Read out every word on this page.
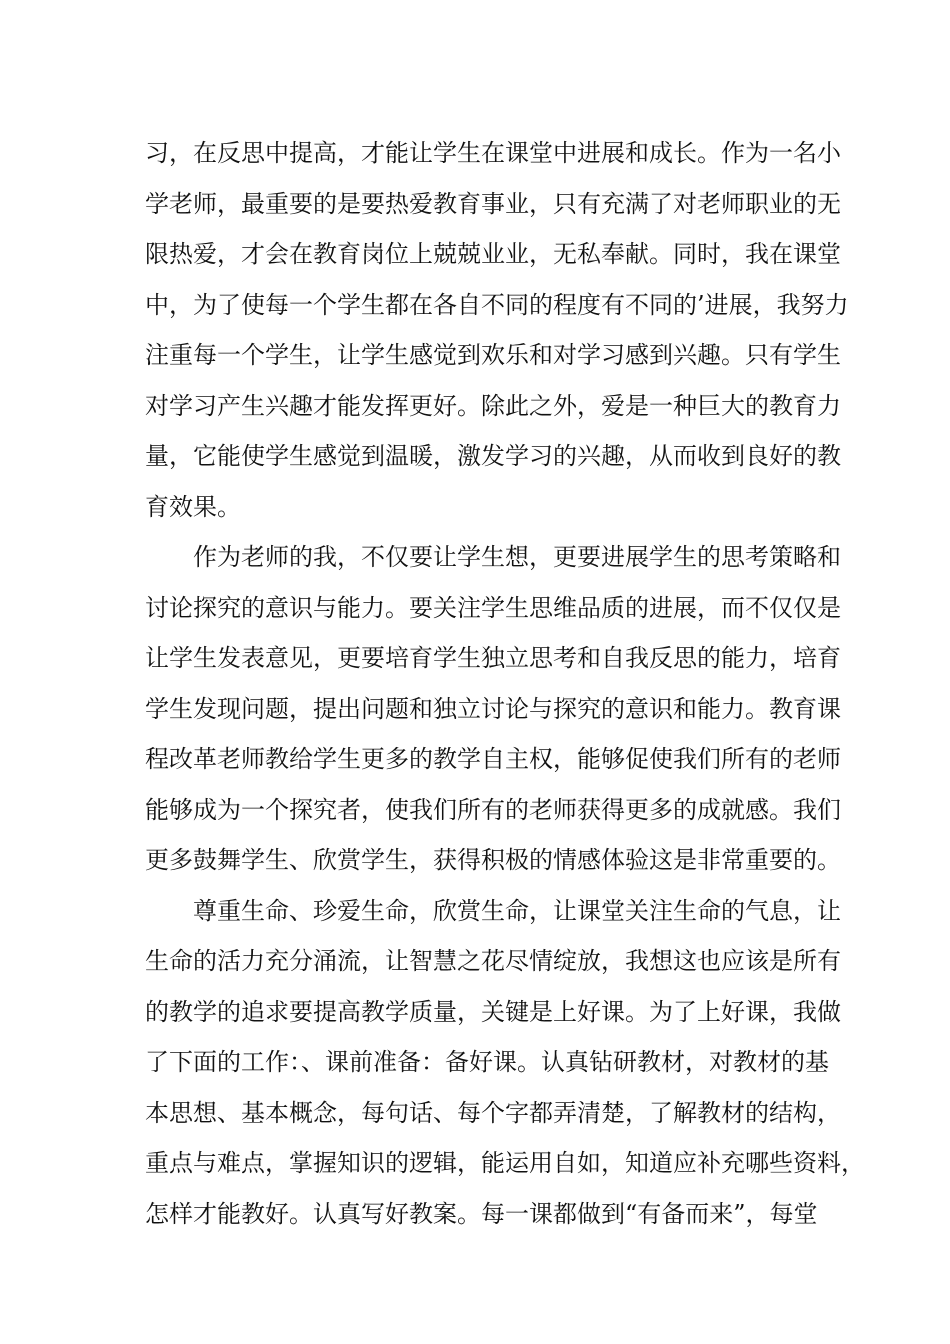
习，在反思中提高，才能让学生在课堂中进展和成长。作为一名小
学老师，最重要的是要热爱教育事业，只有充满了对老师职业的无
限热爱，才会在教育岗位上兢兢业业，无私奉献。同时，我在课堂
中，为了使每一个学生都在各自不同的程度有不同的’进展，我努力
注重每一个学生，让学生感觉到欢乐和对学习感到兴趣。只有学生
对学习产生兴趣才能发挥更好。除此之外，爱是一种巨大的教育力
量，它能使学生感觉到温暖，激发学习的兴趣，从而收到良好的教
育效果。
作为老师的我，不仅要让学生想，更要进展学生的思考策略和
讨论探究的意识与能力。要关注学生思维品质的进展，而不仅仅是
让学生发表意见，更要培育学生独立思考和自我反思的能力，培育
学生发现问题，提出问题和独立讨论与探究的意识和能力。教育课
程改革老师教给学生更多的教学自主权，能够促使我们所有的老师
能够成为一个探究者，使我们所有的老师获得更多的成就感。我们
更多鼓舞学生、欣赏学生，获得积极的情感体验这是非常重要的。
尊重生命、珍爱生命，欣赏生命，让课堂关注生命的气息，让
生命的活力充分涌流，让智慧之花尽情绽放，我想这也应该是所有
的教学的追求要提高教学质量，关键是上好课。为了上好课，我做
了下面的工作：、课前准备：备好课。认真钻研教材，对教材的基
本思想、基本概念，每句话、每个字都弄清楚，了解教材的结构，
重点与难点，掌握知识的逻辑，能运用自如，知道应补充哪些资料，
怎样才能教好。认真写好教案。每一课都做到“有备而来”，每堂
